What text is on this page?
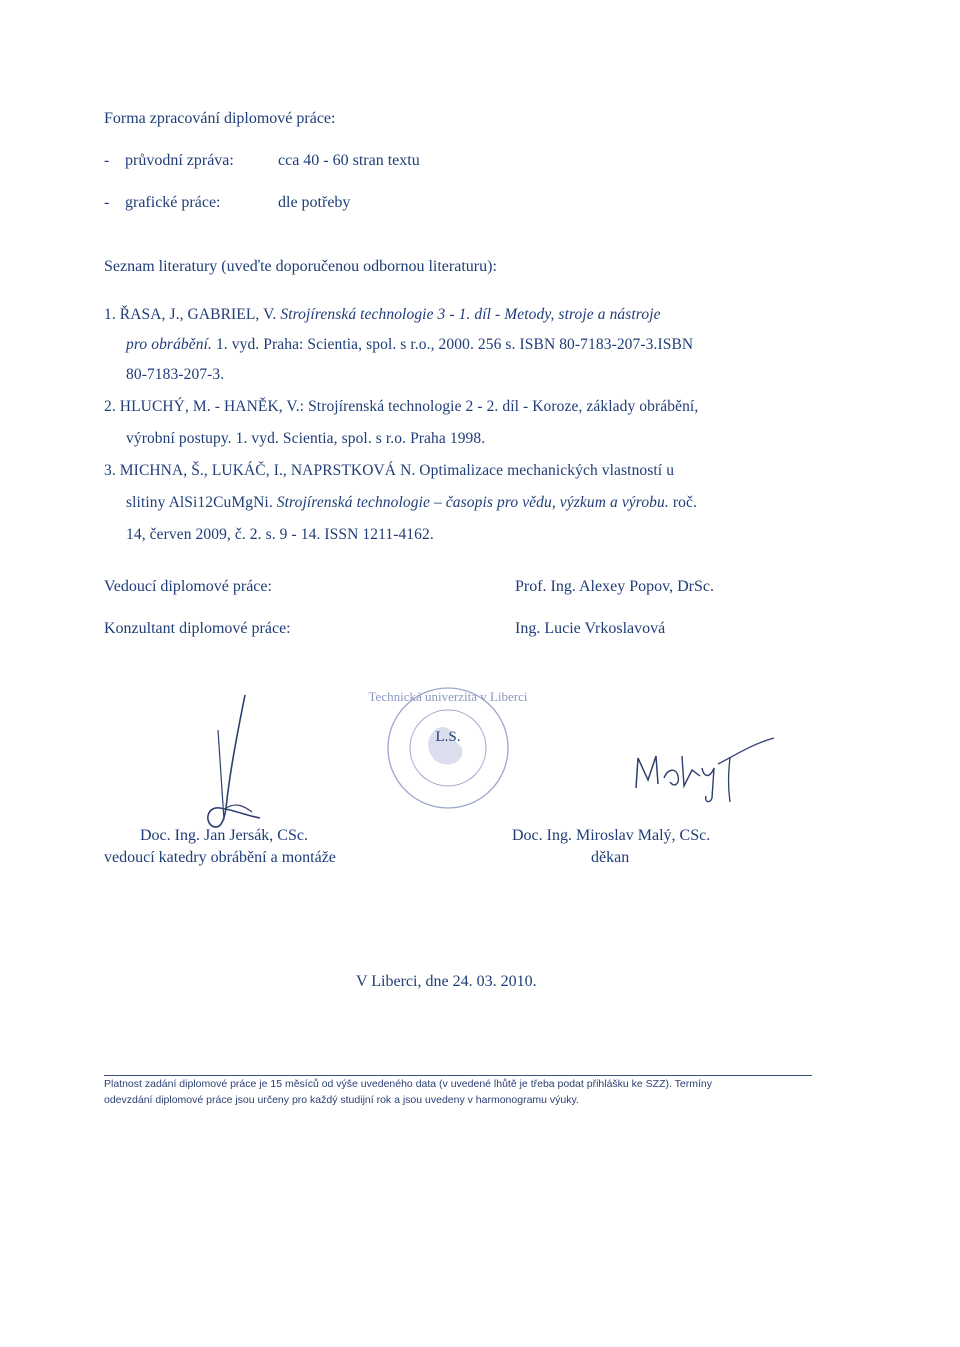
Forma zpracování diplomové práce:
- průvodní zpráva:	cca 40 - 60 stran textu
- grafické práce:	dle potřeby
Seznam literatury (uveďte doporučenou odbornou literaturu):
1. ŘASA, J., GABRIEL, V. Strojírenská technologie 3 - 1. díl - Metody, stroje a nástroje
pro obrábění. 1. vyd. Praha: Scientia, spol. s r.o., 2000. 256 s. ISBN 80-7183-207-3.ISBN
80-7183-207-3.
2. HLUCHÝ, M. - HANĚK, V.: Strojírenská technologie 2 - 2. díl - Koroze, základy obrábění,
výrobní postupy. 1. vyd. Scientia, spol. s r.o. Praha 1998.
3. MICHNA, Š., LUKÁČ, I., NAPRSTKOVÁ N. Optimalizace mechanických vlastností u
slitiny AlSi12CuMgNi. Strojírenská technologie – časopis pro vědu, výzkum a výrobu. roč.
14, červen 2009, č. 2. s. 9 - 14. ISSN 1211-4162.
Vedoucí diplomové práce:	Prof. Ing. Alexey Popov, DrSc.
Konzultant diplomové práce:	Ing. Lucie Vrkoslavová
Technická univerzita v Liberci
L.S.
Doc. Ing. Jan Jersák, CSc.
vedoucí katedry obrábění a montáže
Doc. Ing. Miroslav Malý, CSc.
děkan
V Liberci, dne 24. 03. 2010.
Platnost zadání diplomové práce je 15 měsíců od výše uvedeného data (v uvedené lhůtě je třeba podat přihlášku ke SZZ). Termíny
odevzdání diplomové práce jsou určeny pro každý studijní rok a jsou uvedeny v harmonogramu výuky.
